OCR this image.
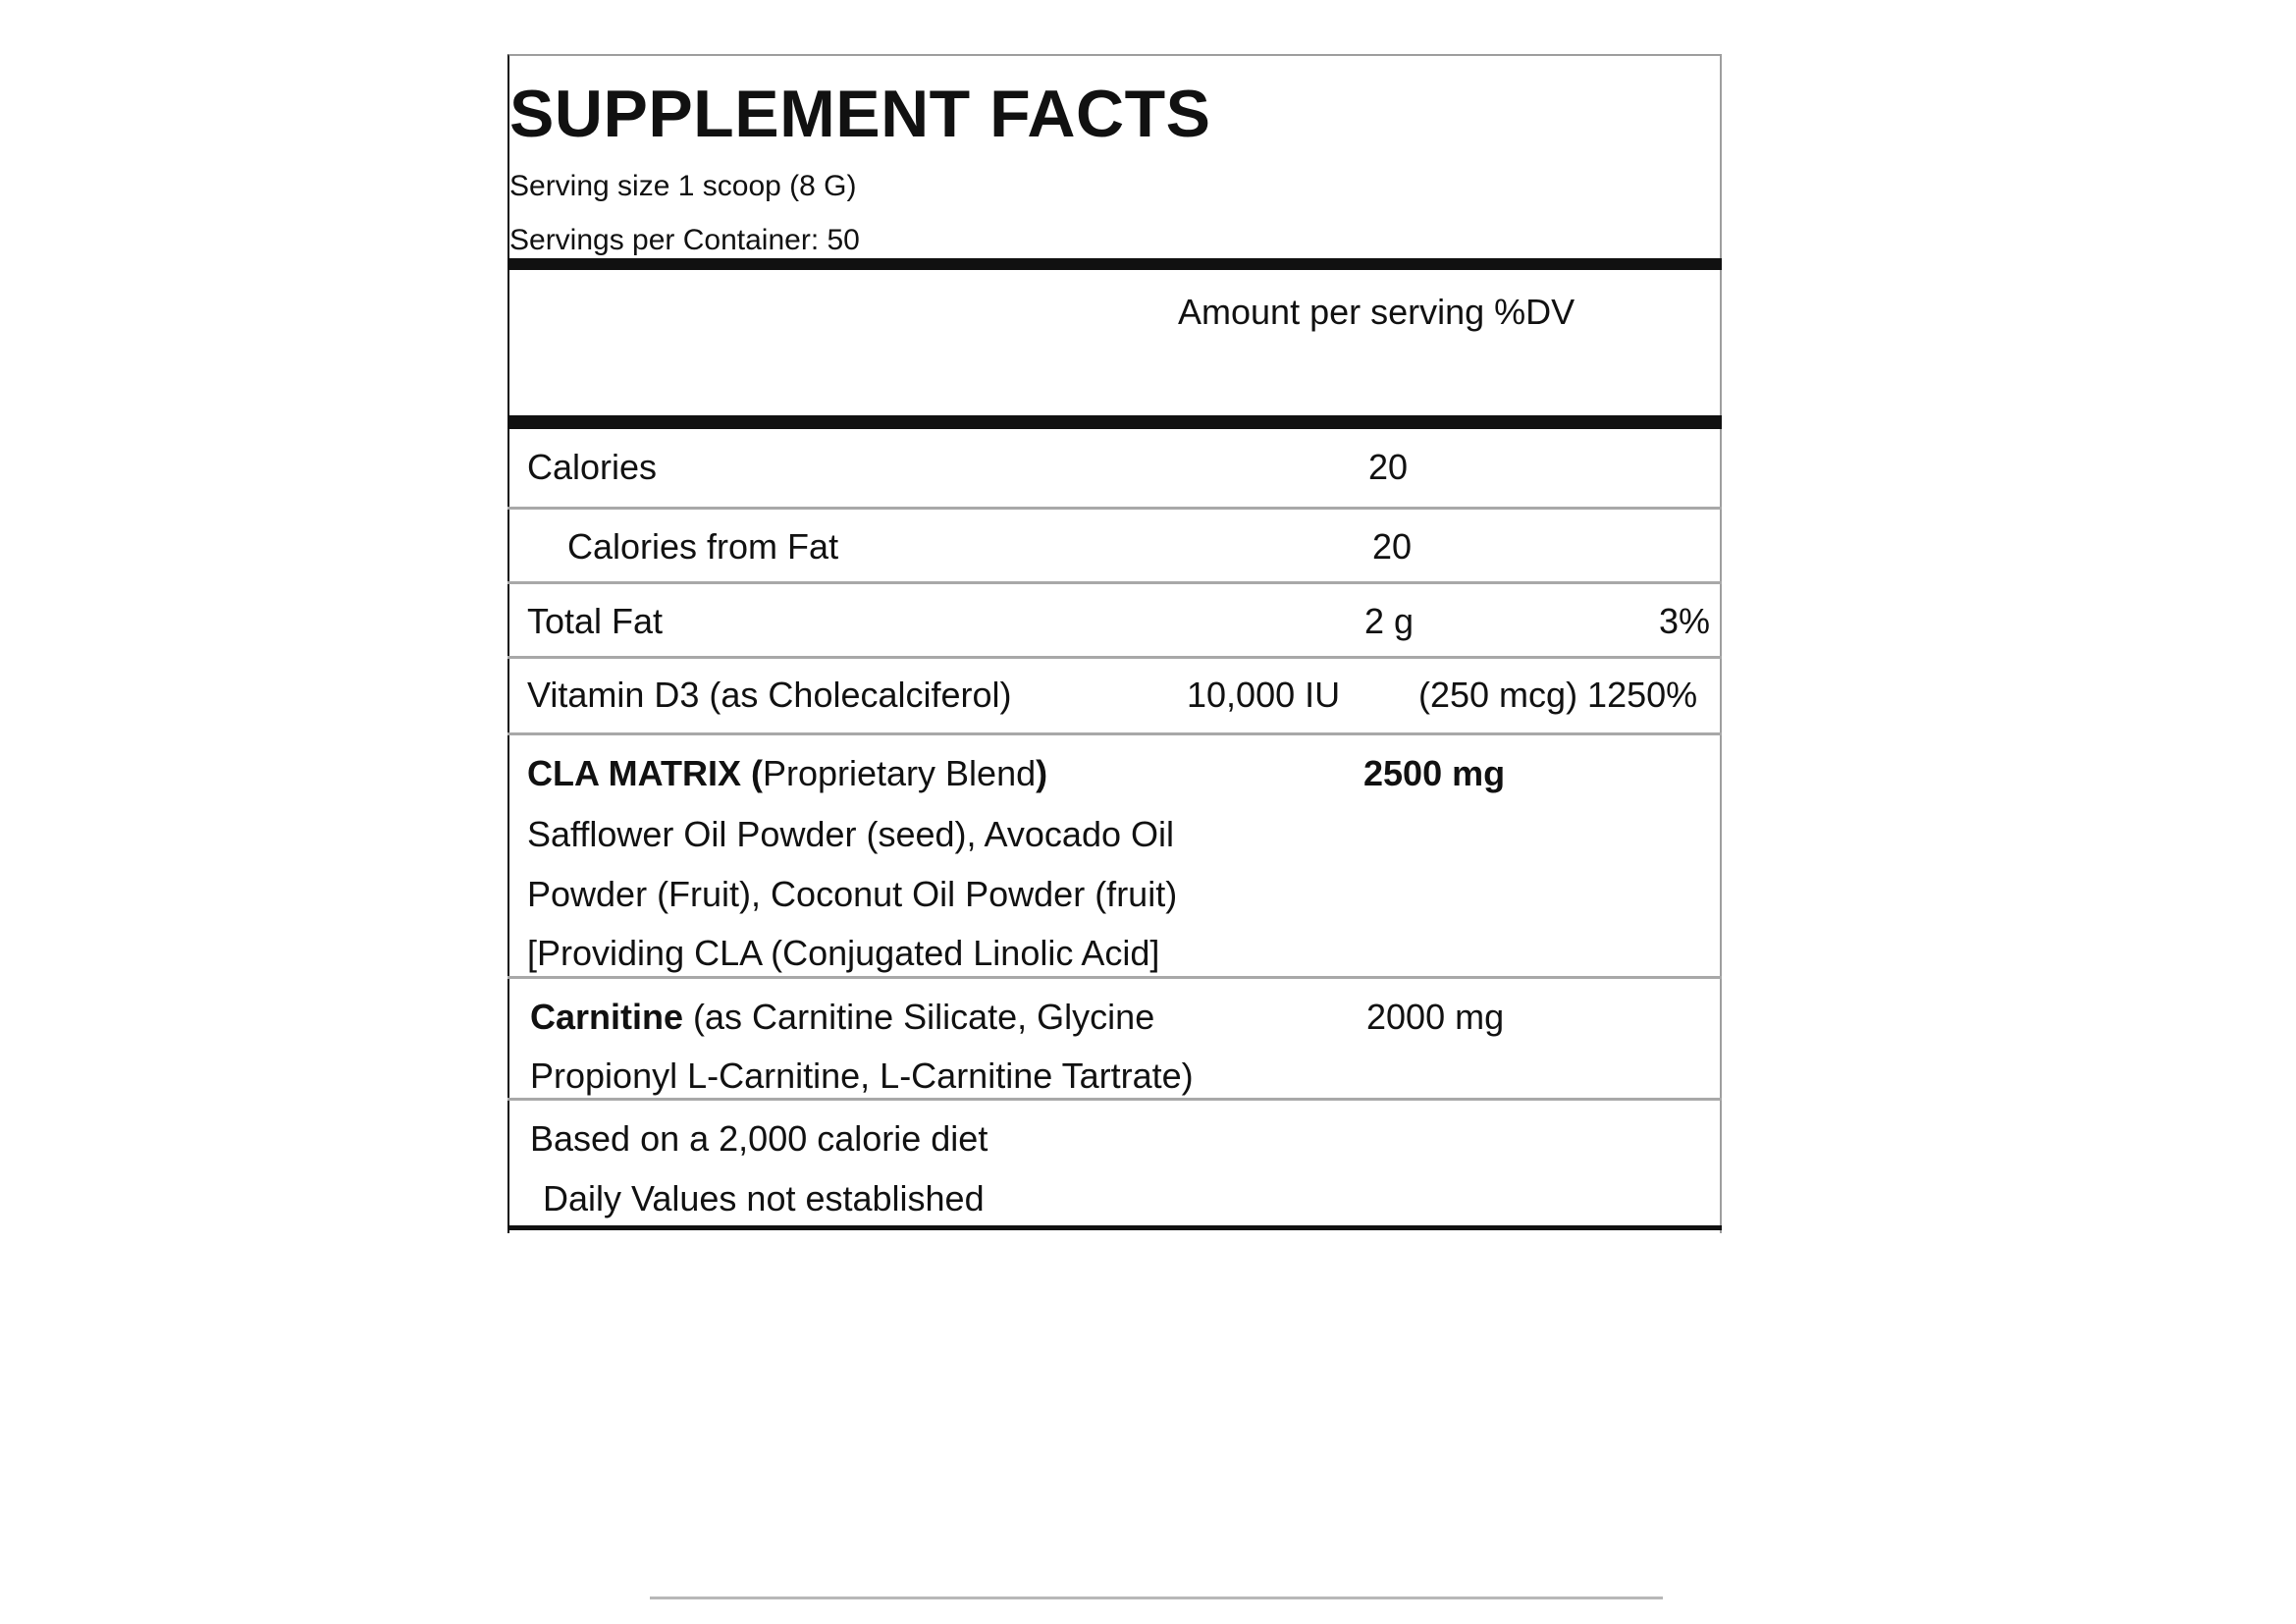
SUPPLEMENT FACTS
Serving size 1 scoop (8 G)
Servings per Container: 50
Amount per serving %DV
Calories	20
Calories from Fat	20
Total Fat	2 g	3%
Vitamin D3 (as Cholecalciferol)	10,000 IU (250 mcg) 1250%
CLA MATRIX (Proprietary Blend)	2500 mg
Safflower Oil Powder (seed), Avocado Oil
Powder (Fruit), Coconut Oil Powder (fruit)
[Providing CLA (Conjugated Linolic Acid]
Carnitine (as Carnitine Silicate, Glycine	2000 mg
Propionyl L-Carnitine, L-Carnitine Tartrate)
Based on a 2,000 calorie diet
Daily Values not established
